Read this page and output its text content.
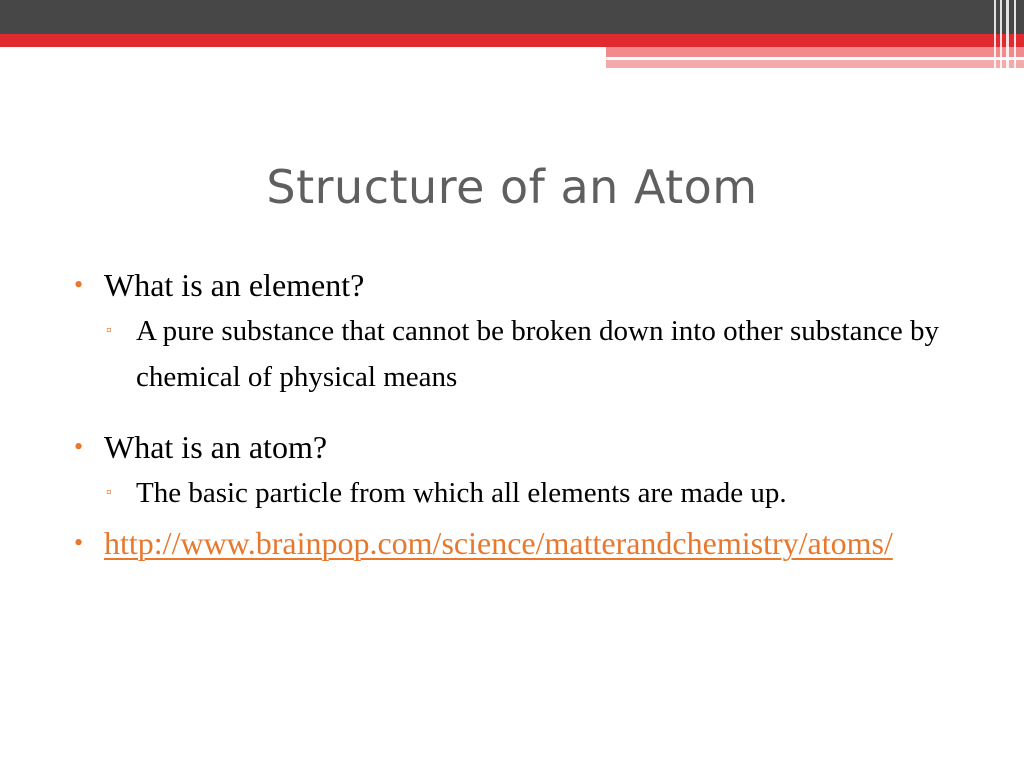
Structure of an Atom
• What is an element?
▫ A pure substance that cannot be broken down into other substance by chemical of physical means
• What is an atom?
▫ The basic particle from which all elements are made up.
• http://www.brainpop.com/science/matterandchemistry/atoms/
